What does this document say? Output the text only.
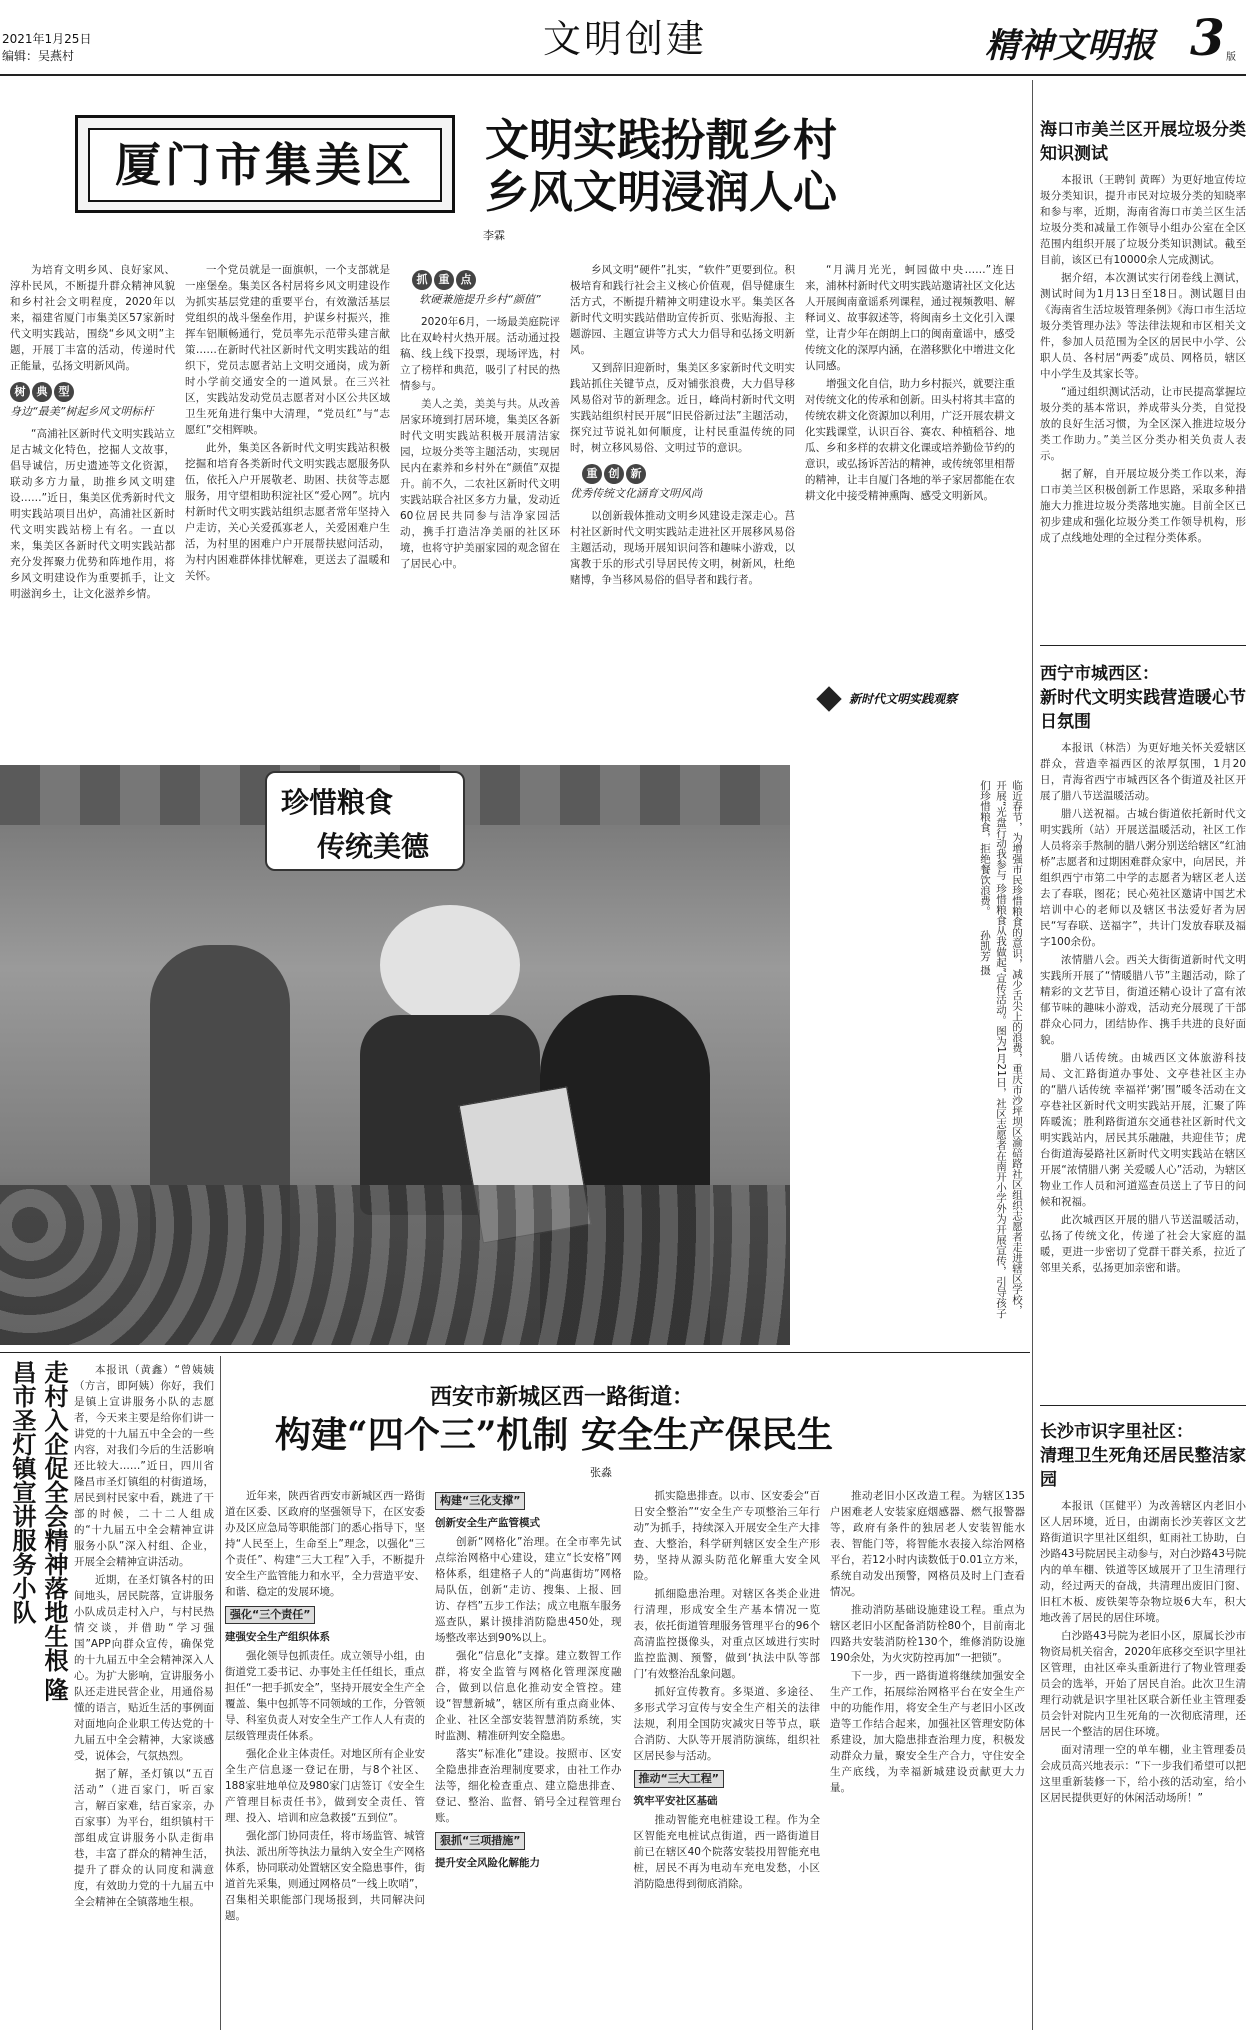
2021年1月25日
编辑：吴燕村	文明创建	精神文明报 3 版
厦门市集美区	文明实践扮靓乡村
乡风文明浸润人心
李霖

为培育文明乡风、良好家风、淳朴民风，不断提升群众精神风貌和乡村社会文明程度，2020年以来，福建省厦门市集美区57家新时代文明实践站，围绕“乡风文明”主题，开展丁丰富的活动，传递时代正能量，弘扬文明新风尚。

树 典 型
身边“最美”树起乡风文明标杆

“高浦社区新时代文明实践站立足古城文化特色，挖掘人文故事，倡导诚信，历史遗迹等文化资源，联动多方力量，助推乡风文明建设……”近日，集美区优秀新时代文明实践站项目出炉，高浦社区新时代文明实践站榜上有名。一直以来，集美区各新时代文明实践站都充分发挥聚力优势和阵地作用，将乡风文明建设作为重要抓手，让文明滋润乡土，让文化滋养乡情。

一个党员就是一面旗帜，一个支部就是一座堡垒。集美区各村居将乡风文明建设作为抓实基层党建的重要平台，有效激活基层党组织的战斗堡垒作用，护谋乡村振兴，推挥车铝顺畅通行，党员率先示范带头建言献策……在新时代社区新时代文明实践站的组织下，党员志愿者站上文明交通岗，成为新时小学前交通安全的一道风景。在三兴社区，实践站发动党员志愿者对小区公共区域卫生死角进行集中大清理，“党员红”与“志愿红”交相辉映。

此外，集美区各新时代文明实践站积极挖掘和培育各类新时代文明实践志愿服务队伍，依托入户开展敬老、助困、扶贫等志愿服务，用守望相助积淀社区“爱心网”。坑内村新时代文明实践站组织志愿者常年坚持入户走访，关心关爱孤寡老人，关爱困难户生活，为村里的困难户户开展帮扶慰问活动，为村内困难群体排忧解难，更送去了温暖和关怀。

抓 重 点
软硬兼施提升乡村“颜值”

2020年6月，一场最美庭院评比在双岭村火热开展。活动通过投稿、线上线下投票，现场评选，村立了榜样和典范，吸引了村民的热情参与。

美人之美，美美与共。从改善居家环境到打居环境，集美区各新时代文明实践站积极开展清洁家园，垃圾分类等主题活动，实现居民内在素养和乡村外在“颜值”双提升。前不久，二农社区新时代文明实践站联合社区多方力量，发动近60位居民共同参与洁净家园活动，携手打造洁净美丽的社区环境，也将守护美丽家园的观念留在了居民心中。

乡风文明“硬件”扎实，“软件”更要到位。积极培育和践行社会主义核心价值观，倡导健康生活方式，不断提升精神文明建设水平。集美区各新时代文明实践站借助宣传折页、张贴海报、主题游园、主题宣讲等方式大力倡导和弘扬文明新风。

又到辞旧迎新时，集美区多家新时代文明实践站抓住关键节点，反对铺张浪费，大力倡导移风易俗对节的新理念。近日，峰尚村新时代文明实践站组织村民开展“旧民俗新过法”主题活动，探究过节说礼如何顺度，让村民重温传统的同时，树立移风易俗、文明过节的意识。

重 创 新
优秀传统文化涵育文明风尚

以创新载体推动文明乡风建设走深走心。莒村社区新时代文明实践站走进社区开展移风易俗主题活动，现场开展知识问答和趣味小游戏，以寓教于乐的形式引导居民传文明，树新风，杜绝赌博，争当移风易俗的倡导者和践行者。

“月满月光光，蚵园做中央……”连日来，浦林村新时代文明实践站邀请社区文化达人开展闽南童谣系列课程，通过视频教唱、解释词义、故事叙述等，将闽南乡土文化引入课堂，让青少年在朗朗上口的闽南童谣中，感受传统文化的深厚内涵，在潜移默化中增进文化认同感。

增强文化自信，助力乡村振兴，就要注重对传统文化的传承和创新。田头村将其丰富的传统农耕文化资源加以利用，广泛开展农耕文化实践课堂，认识百谷、赛农、种植稻谷、地瓜、乡和多样的农耕文化课或培养勤俭节约的意识，或弘扬诉苦沾的精神，或传统邻里相帮的精神，让丰自厦门各地的举子家居都能在农耕文化中接受精神熏陶、感受文明新风。

新时代文明实践观察
珍惜粮食
传统美德	临近春节，为增强市民珍惜粮食的意识，减少舌尖上的浪费，重庆市沙坪坝区渝碚路社区组织志愿者走进辖区学校，开展“光盘行动我参与 珍惜粮食从我做起”宣传活动。图为1月21日，社区志愿者在南开小学外为开展宣传，引导孩子们珍惜粮食，拒绝餐饮浪费。 孙凯芳 摄
海口市美兰区开展垃圾分类知识测试

本报讯（王聘钊 黄晖）为更好地宣传垃圾分类知识，提升市民对垃圾分类的知晓率和参与率，近期，海南省海口市美兰区生活垃圾分类和减量工作领导小组办公室在全区范围内组织开展了垃圾分类知识测试。截至目前，该区已有10000余人完成测试。

据介绍，本次测试实行闭卷线上测试，测试时间为1月13日至18日。测试题目由《海南省生活垃圾管理条例》《海口市生活垃圾分类管理办法》等法律法规和市区相关文件，参加人员范围为全区的居民中小学、公职人员、各村居“两委”成员、网格员，辖区中小学生及其家长等。

“通过组织测试活动，让市民提高掌握垃圾分类的基本常识，养成带头分类，自觉投放的良好生活习惯，为全区深入推进垃圾分类工作助力。”美兰区分类办相关负责人表示。

据了解，自开展垃圾分类工作以来，海口市美兰区积极创新工作思路，采取多种措施大力推进垃圾分类落地实施。目前全区已初步建成和强化垃圾分类工作领导机构，形成了点线地处理的全过程分类体系。

西宁市城西区：
新时代文明实践营造暖心节日氛围

本报讯（林浩）为更好地关怀关爱辖区群众，营造幸福西区的浓厚氛围，1月20日，青海省西宁市城西区各个街道及社区开展了腊八节送温暖活动。

腊八送祝福。古城台街道依托新时代文明实践所（站）开展送温暖活动，社区工作人员将亲手熬制的腊八粥分别送给辖区“红油桥”志愿者和过期困难群众家中，向居民，并组织西宁市第二中学的志愿者为辖区老人送去了春联，图花；民心苑社区邀请中国艺术培训中心的老师以及辖区书法爱好者为居民“写春联、送福字”，共计门发放春联及福字100余份。

浓情腊八会。西关大街街道新时代文明实践所开展了“情暖腊八节”主题活动，除了精彩的文艺节目，街道还精心设计了富有浓郁节味的趣味小游戏，活动充分展现了干部群众心同力，团结协作、携手共进的良好面貌。

腊八话传统。由城西区文体旅游科技局、文汇路街道办事处、文亭巷社区主办的“腊八话传统 幸福祥‘粥’围”暖冬活动在文亭巷社区新时代文明实践站开展，汇聚了阵阵暖流；胜利路街道东交通巷社区新时代文明实践站内，居民其乐融融，共迎佳节；虎台街道海晏路社区新时代文明实践站在辖区开展“浓情腊八粥 关爱暖人心”活动，为辖区物业工作人员和河道巡查员送上了节日的问候和祝福。

此次城西区开展的腊八节送温暖活动，弘扬了传统文化，传递了社会大家庭的温暖，更进一步密切了党群干群关系，拉近了邻里关系，弘扬更加亲密和谐。

长沙市识字里社区：
清理卫生死角还居民整洁家园

本报讯（匡健平）为改善辖区内老旧小区人居环境，近日，由湖南长沙芙蓉区文艺路街道识字里社区组织，虹雨社工协助，白沙路43号院居民主动参与，对白沙路43号院内的单车棚、铁道等区域展开了卫生清理行动，经过两天的奋战，共清理出废旧门窗、旧杠木板、废铁架等杂物垃圾6大车，积大地改善了居民的居住环境。

白沙路43号院为老旧小区，原属长沙市物资局机关宿舍，2020年底移交至识字里社区管理，由社区牵头重新进行了物业管理委员会的选举，开始了居民自治。此次卫生清理行动就是识字里社区联合新任业主管理委员会针对院内卫生死角的一次彻底清理，还居民一个整洁的居住环境。

面对清理一空的单车棚，业主管理委员会成员高兴地表示：“下一步我们希望可以把这里重新装修一下，给小孩的活动室，给小区居民提供更好的休闲活动场所！”

走村入企促全会精神落地生根 隆昌市圣灯镇宣讲服务小队	本报讯（黄鑫）“曾姨姨（方言，即阿姨）你好，我们是镇上宣讲服务小队的志愿者，今天来主要是给你们讲一讲党的十九届五中全会的一些内容，对我们今后的生活影响还比较大……”近日，四川省隆昌市圣灯镇组的村街道场，居民到村民家中看，跳进了干部的时候，二十二人组成的“十九届五中全会精神宣讲服务小队”深入村组、企业，开展全会精神宣讲活动。

近期，在圣灯镇各村的田间地头，居民院落，宣讲服务小队成员走村入户，与村民热情交谈，并借助“学习强国”APP向群众宣传，确保党的十九届五中全会精神深入人心。为扩大影响，宣讲服务小队还走进民营企业，用通俗易懂的语言，贴近生活的事例面对面地向企业职工传达党的十九届五中全会精神，大家谈感受，说体会，气氛热烈。

据了解，圣灯镇以“五百活动”（进百家门，听百家言，解百家难，结百家亲，办百家事）为平台，组织镇村干部组成宣讲服务小队走街串巷，丰富了群众的精神生活，提升了群众的认同度和满意度，有效助力党的十九届五中全会精神在全镇落地生根。

西安市新城区西一路街道：
构建“四个三”机制 安全生产保民生
张淼

近年来，陕西省西安市新城区西一路街道在区委、区政府的坚强领导下，在区安委办及区应急局等职能部门的悉心指导下，坚持“人民至上，生命至上”理念，以强化“三个责任”、构建“三大工程”入手，不断提升安全生产监管能力和水平，全力营造平安、和谐、稳定的发展环境。

强化“三个责任”
建强安全生产组织体系

强化领导包抓责任。成立领导小组，由街道党工委书记、办事处主任任组长，重点担任“一把手抓安全”，坚持开展安全生产全覆盖、集中包抓等不同领域的工作，分管领导、科室负责人对安全生产工作人人有责的层级管理责任体系。

强化企业主体责任。对地区所有企业安全生产信息逐一登记在册，与8个社区、188家驻地单位及980家门店签订《安全生产管理目标责任书》，做到安全责任、管理、投入、培训和应急救援“五到位”。

强化部门协同责任，将市场监管、城管执法、派出所等执法力量纳入安全生产网格体系，协同联动处置辖区安全隐患事件，街道首先采集，则通过网格员“一线上吹哨”，召集相关职能部门现场报到，共同解决问题。

构建“三化支撑”
创新安全生产监管模式

创新“网格化”治理。在全市率先试点综治网格中心建设，建立“长安格”网格体系，组建格子人的“尚惠街坊”网格局队伍，创新“走访、搜集、上报、回访、存档”五步工作法；成立电瓶车服务巡查队，累计摸排消防隐患450处，现场整改率达到90%以上。

强化“信息化”支撑。建立数智工作群，将安全监管与网格化管理深度融合，做到以信息化推动安全管控。建设“智慧新城”，辖区所有重点商业体、企业、社区全部安装智慧消防系统，实时监测、精准研判安全隐患。

落实“标准化”建设。按照市、区安全隐患排查治理制度要求，由社工作办法等，细化检查重点、建立隐患排查、登记、整治、监督、销号全过程管理台账。

狠抓“三项措施”
提升安全风险化解能力

抓实隐患排查。以市、区安委会“百日安全整治”“安全生产专项整治三年行动”为抓手，持续深入开展安全生产大排查、大整治，科学研判辖区安全生产形势，坚持从源头防范化解重大安全风险。

抓细隐患治理。对辖区各类企业进行清理，形成安全生产基本情况一览表，依托街道管理服务管理平台的96个高清监控摄像头，对重点区域进行实时监控监测、预警，做到‘执法中队等部门’有效整治乱象问题。

抓好宣传教育。多渠道、多途径、多形式学习宣传与安全生产相关的法律法规，利用全国防灾减灾日等节点，联合消防、大队等开展消防演练，组织社区居民参与活动。

推动“三大工程”
筑牢平安社区基础

推动智能充电桩建设工程。作为全区智能充电桩试点街道，西一路街道目前已在辖区40个院落安装投用智能充电桩，居民不再为电动车充电发愁，小区消防隐患得到彻底消除。

推动老旧小区改造工程。为辖区135户困难老人安装家庭烟感器、燃气报警器等，政府有条件的独居老人安装智能水表、智能门等，将智能水表接入综治网格平台，若12小时内读数低于0.01立方米，系统自动发出预警，网格员及时上门查看情况。

推动消防基础设施建设工程。重点为辖区老旧小区配备消防栓80个，目前南北四路共安装消防栓130个，维修消防设施190余处，为火灾防控再加“一把锁”。

下一步，西一路街道将继续加强安全生产工作，拓展综治网格平台在安全生产中的功能作用，将安全生产与老旧小区改造等工作结合起来，加强社区管理安防体系建设，加大隐患排查治理力度，积极发动群众力量，聚安全生产合力，守住安全生产底线，为幸福新城建设贡献更大力量。
